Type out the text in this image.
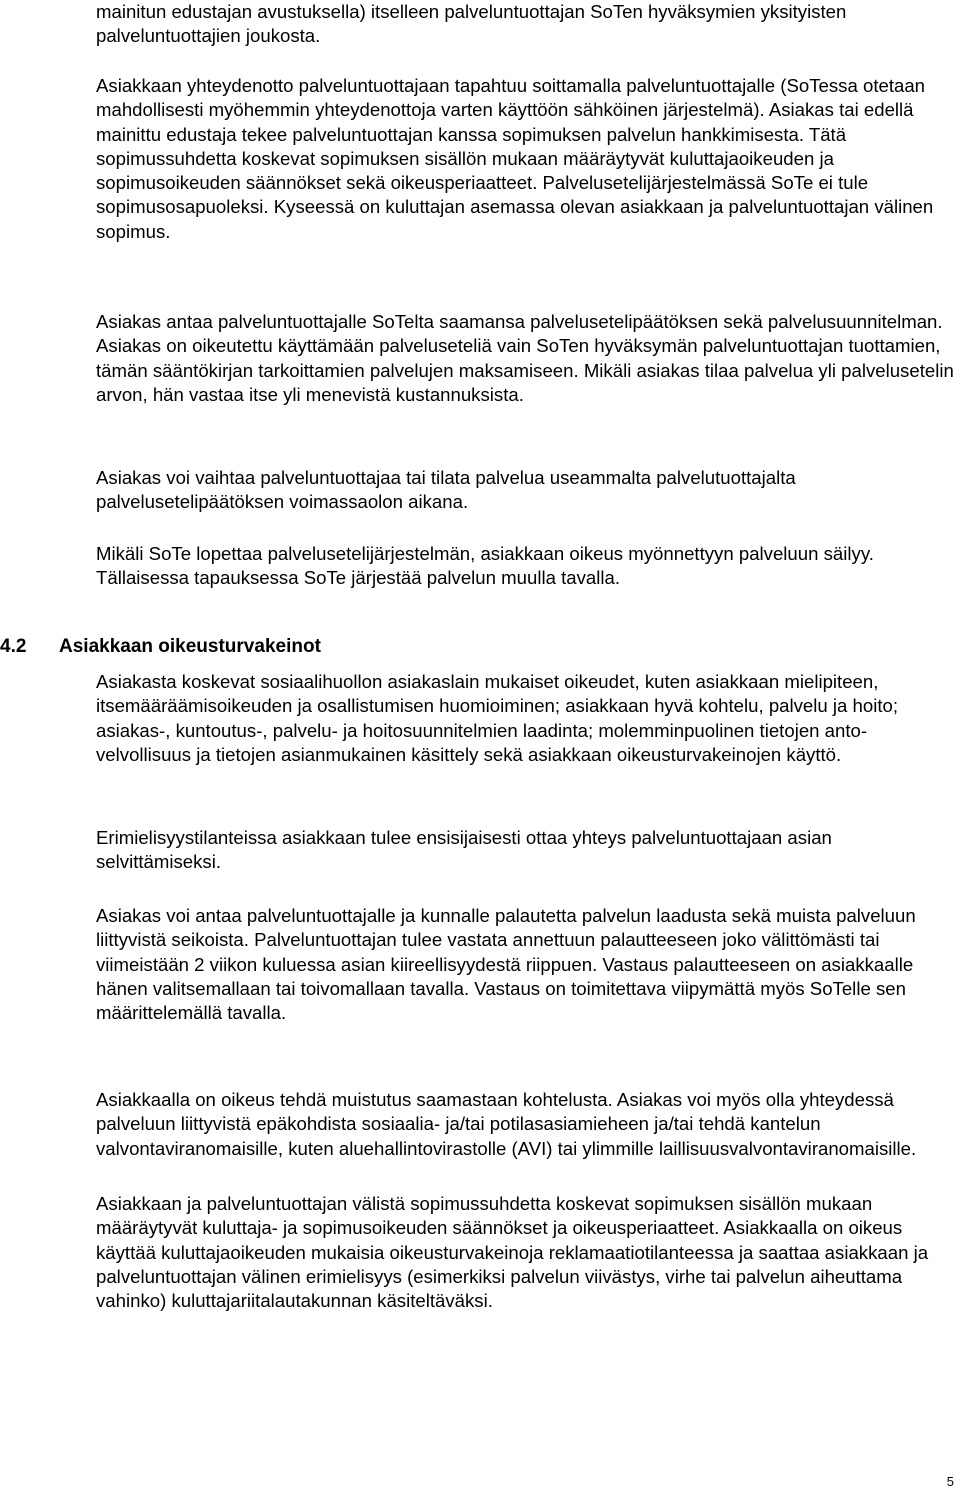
mainitun edustajan avustuksella) itselleen palveluntuottajan SoTen hyväksymien yksityisten palveluntuottajien joukosta.

Asiakkaan yhteydenotto palveluntuottajaan tapahtuu soittamalla palveluntuottajalle (SoTessa otetaan mahdollisesti myöhemmin yhteydenottoja varten käyttöön sähköinen järjestelmä). Asiakas tai edellä mainittu edustaja tekee palveluntuottajan kanssa sopimuksen palvelun hankkimisesta. Tätä sopimussuhdetta koskevat sopimuksen sisällön mukaan määräytyvät kuluttajaoikeuden ja sopimusoikeuden säännökset sekä oikeusperiaatteet. Palvelusetelijärjestelmässä SoTe ei tule sopimusosapuoleksi. Kyseessä on kuluttajan asemassa olevan asiakkaan ja palveluntuottajan välinen sopimus.

Asiakas antaa palveluntuottajalle SoTelta saamansa palvelusetelipäätöksen sekä palvelusuunnitelman. Asiakas on oikeutettu käyttämään palveluseteliä vain SoTen hyväksymän palveluntuottajan tuottamien, tämän sääntökirjan tarkoittamien palvelujen maksamiseen. Mikäli asiakas tilaa palvelua yli palvelusetelin arvon, hän vastaa itse yli menevistä kustannuksista.

Asiakas voi vaihtaa palveluntuottajaa tai tilata palvelua useammalta palvelutuottajalta palvelusetelipäätöksen voimassaolon aikana.

Mikäli SoTe lopettaa palvelusetelijärjestelmän, asiakkaan oikeus myönnettyyn palveluun säilyy. Tällaisessa tapauksessa SoTe järjestää palvelun muulla tavalla.

4.2 Asiakkaan oikeusturvakeinot

Asiakasta koskevat sosiaalihuollon asiakaslain mukaiset oikeudet, kuten asiakkaan mielipiteen, itsemääräämisoikeuden ja osallistumisen huomioiminen; asiakkaan hyvä kohtelu, palvelu ja hoito; asiakas-, kuntoutus-, palvelu- ja hoitosuunnitelmien laadinta; molemminpuolinen tietojen anto-velvollisuus ja tietojen asianmukainen käsittely sekä asiakkaan oikeusturvakeinojen käyttö.

Erimielisyystilanteissa asiakkaan tulee ensisijaisesti ottaa yhteys palveluntuottajaan asian selvittämiseksi.

Asiakas voi antaa palveluntuottajalle ja kunnalle palautetta palvelun laadusta sekä muista palveluun liittyvistä seikoista. Palveluntuottajan tulee vastata annettuun palautteeseen joko välittömästi tai viimeistään 2 viikon kuluessa asian kiireellisyydestä riippuen. Vastaus palautteeseen on asiakkaalle hänen valitsemallaan tai toivomallaan tavalla. Vastaus on toimitettava viipymättä myös SoTelle sen määrittelemällä tavalla.

Asiakkaalla on oikeus tehdä muistutus saamastaan kohtelusta. Asiakas voi myös olla yhteydessä palveluun liittyvistä epäkohdista sosiaalia- ja/tai potilasasiamieheen ja/tai tehdä kantelun valvontaviranomaisille, kuten aluehallintovirastolle (AVI) tai ylimmille laillisuusvalvontaviranomaisille.

Asiakkaan ja palveluntuottajan välistä sopimussuhdetta koskevat sopimuksen sisällön mukaan määräytyvät kuluttaja- ja sopimusoikeuden säännökset ja oikeusperiaatteet. Asiakkaalla on oikeus käyttää kuluttajaoikeuden mukaisia oikeusturvakeinoja reklamaatiotilanteessa ja saattaa asiakkaan ja palveluntuottajan välinen erimielisyys (esimerkiksi palvelun viivästys, virhe tai palvelun aiheuttama vahinko) kuluttajariitalautakunnan käsiteltäväksi.

5
